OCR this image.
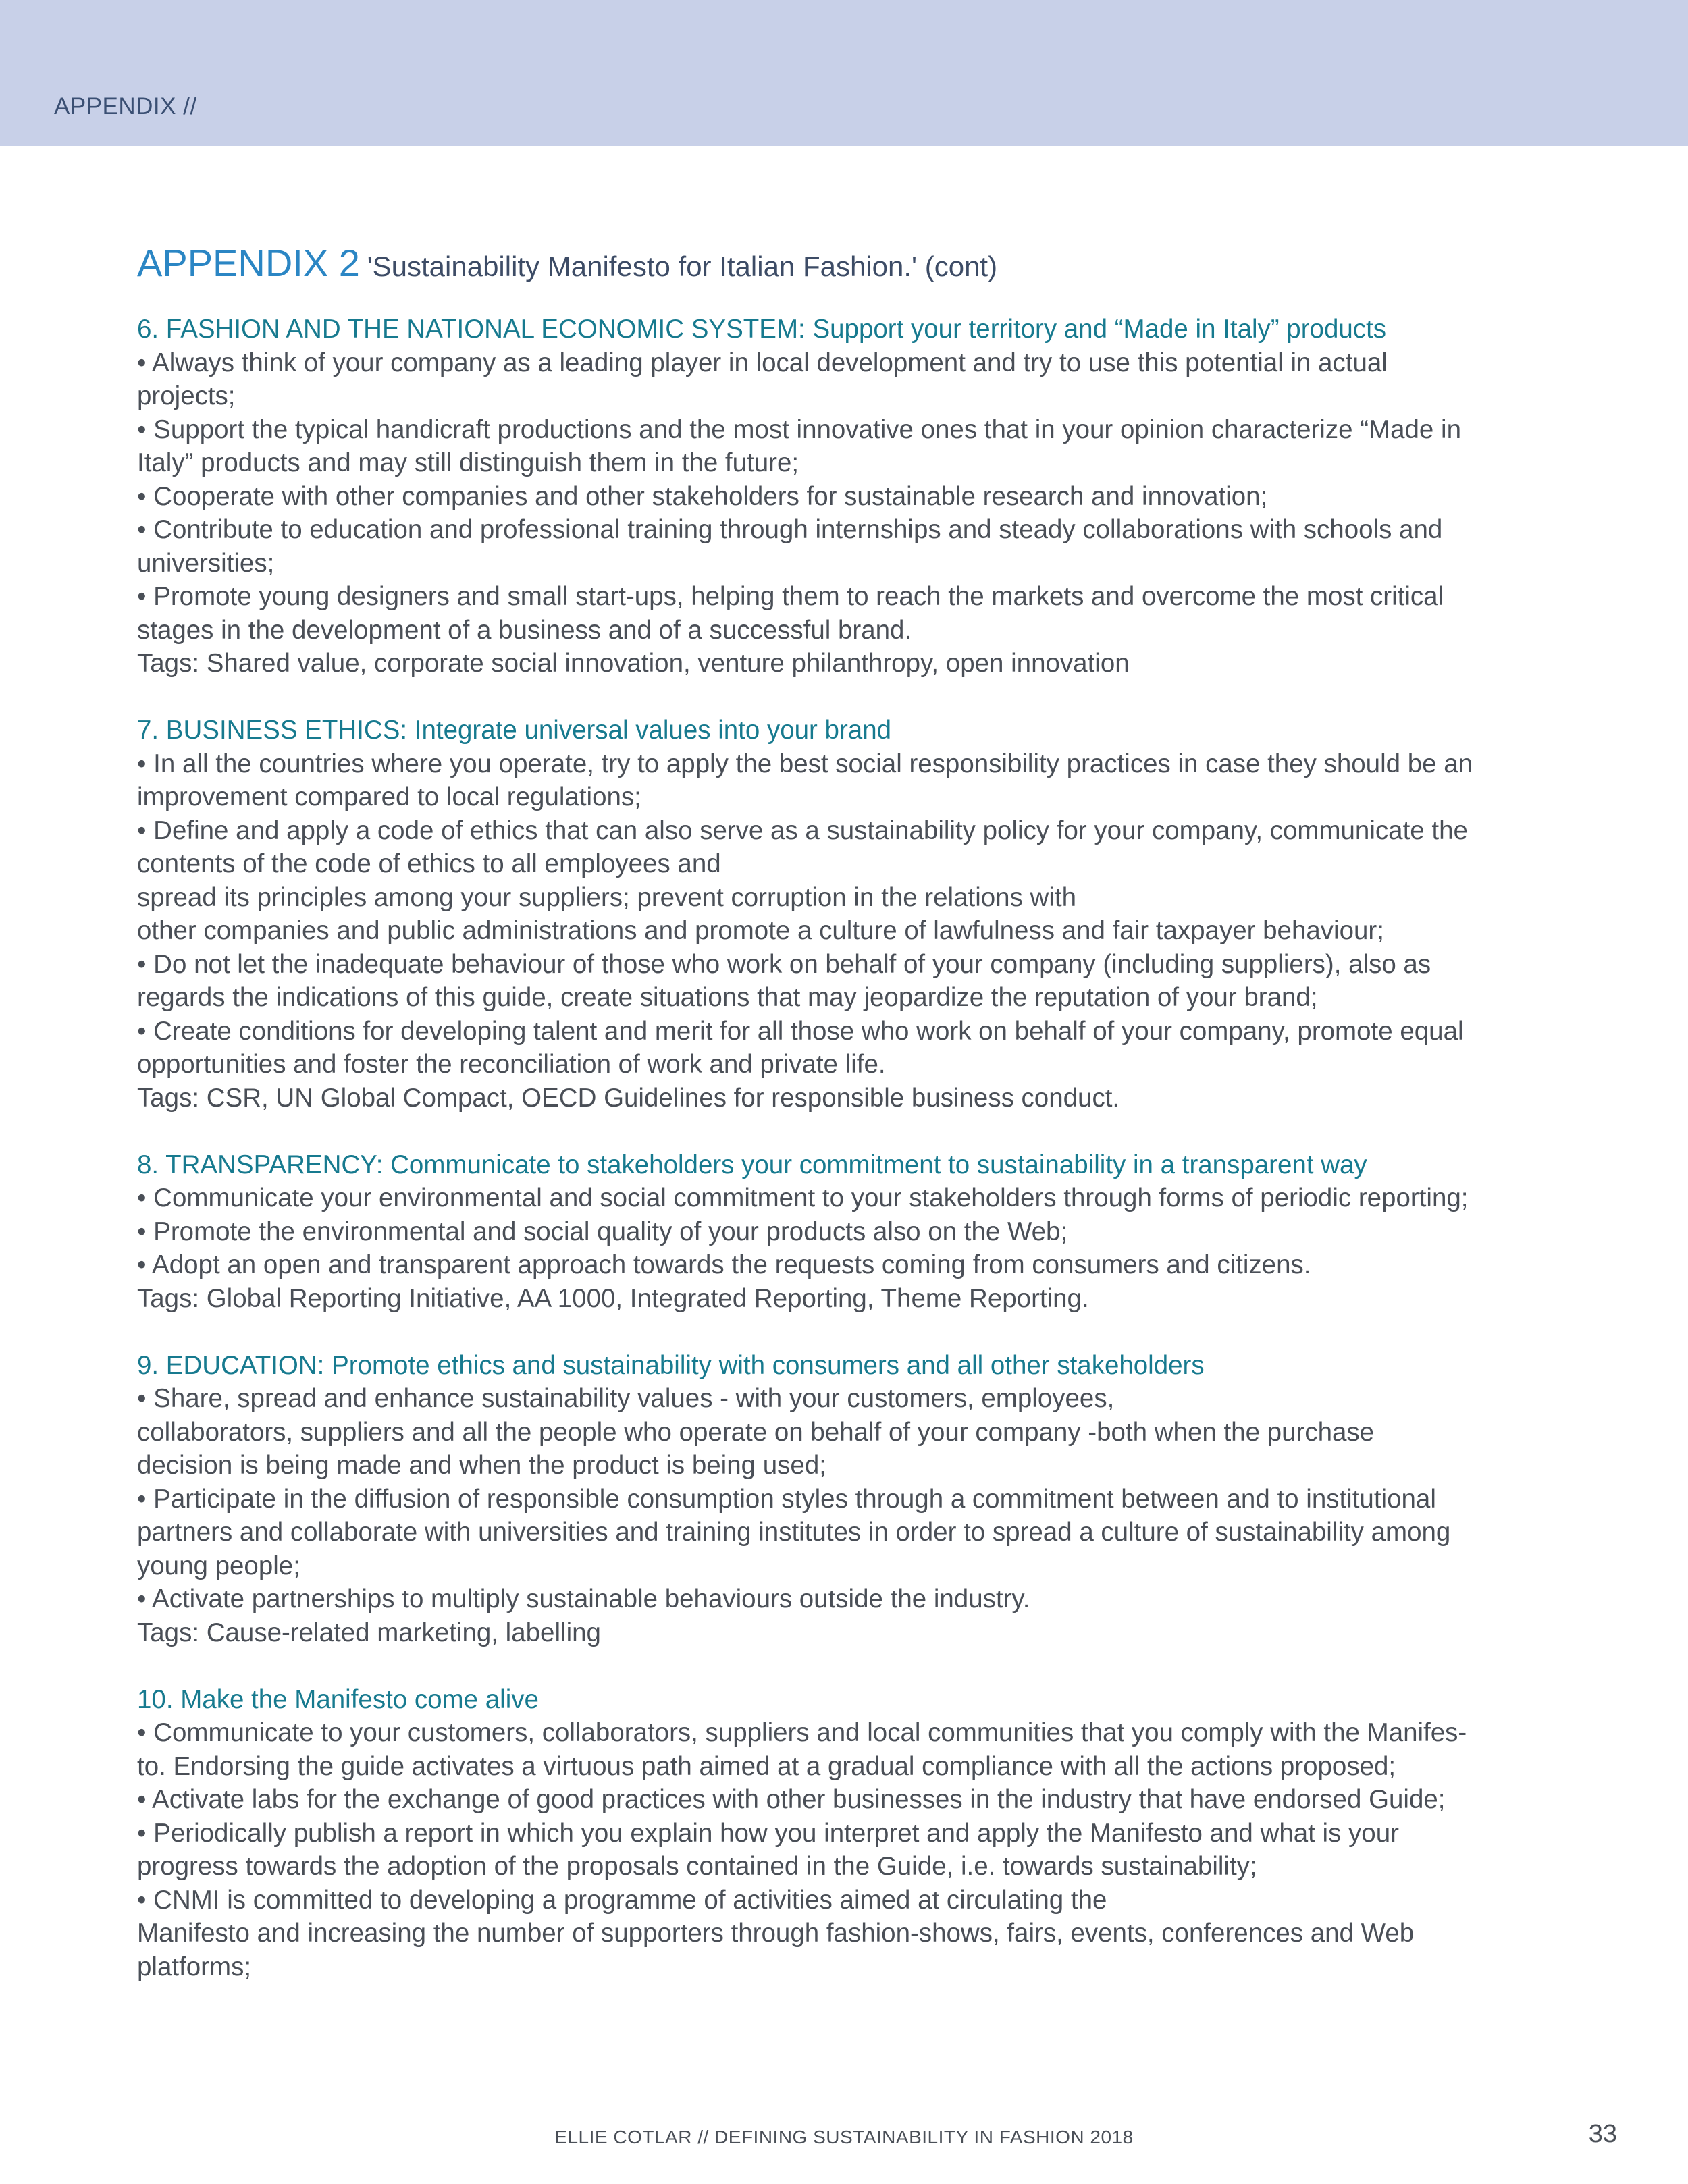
APPENDIX //
APPENDIX 2 'Sustainability Manifesto for Italian Fashion.' (cont)
6. FASHION AND THE NATIONAL ECONOMIC SYSTEM: Support your territory and “Made in Italy” products
• Always think of your company as a leading player in local development and try to use this potential in actual
projects;
• Support the typical handicraft productions and the most innovative ones that in your opinion characterize “Made in
Italy” products and may still distinguish them in the future;
• Cooperate with other companies and other stakeholders for sustainable research and innovation;
• Contribute to education and professional training through internships and steady collaborations with schools and
universities;
• Promote young designers and small start-ups, helping them to reach the markets and overcome the most critical
stages in the development of a business and of a successful brand.
Tags: Shared value, corporate social innovation, venture philanthropy, open innovation
7. BUSINESS ETHICS: Integrate universal values into your brand
• In all the countries where you operate, try to apply the best social responsibility practices in case they should be an
improvement compared to local regulations;
• Define and apply a code of ethics that can also serve as a sustainability policy for your company, communicate the
contents of the code of ethics to all employees and
spread its principles among your suppliers; prevent corruption in the relations with
other companies and public administrations and promote a culture of lawfulness and fair taxpayer behaviour;
• Do not let the inadequate behaviour of those who work on behalf of your company (including suppliers), also as
regards the indications of this guide, create situations that may jeopardize the reputation of your brand;
• Create conditions for developing talent and merit for all those who work on behalf of your company, promote equal
opportunities and foster the reconciliation of work and private life.
Tags: CSR, UN Global Compact, OECD Guidelines for responsible business conduct.
8. TRANSPARENCY: Communicate to stakeholders your commitment to sustainability in a transparent way
• Communicate your environmental and social commitment to your stakeholders through forms of periodic reporting;
• Promote the environmental and social quality of your products also on the Web;
• Adopt an open and transparent approach towards the requests coming from consumers and citizens.
Tags: Global Reporting Initiative, AA 1000, Integrated Reporting, Theme Reporting.
9. EDUCATION: Promote ethics and sustainability with consumers and all other stakeholders
• Share, spread and enhance sustainability values - with your customers, employees,
collaborators, suppliers and all the people who operate on behalf of your company -both when the purchase
decision is being made and when the product is being used;
• Participate in the diffusion of responsible consumption styles through a commitment between and to institutional
partners and collaborate with universities and training institutes in order to spread a culture of sustainability among
young people;
• Activate partnerships to multiply sustainable behaviours outside the industry.
Tags: Cause-related marketing, labelling
10. Make the Manifesto come alive
• Communicate to your customers, collaborators, suppliers and local communities that you comply with the Manifes-
to. Endorsing the guide activates a virtuous path aimed at a gradual compliance with all the actions proposed;
• Activate labs for the exchange of good practices with other businesses in the industry that have endorsed Guide;
• Periodically publish a report in which you explain how you interpret and apply the Manifesto and what is your
progress towards the adoption of the proposals contained in the Guide, i.e. towards sustainability;
• CNMI is committed to developing a programme of activities aimed at circulating the
Manifesto and increasing the number of supporters through fashion-shows, fairs, events, conferences and Web
platforms;
ELLIE COTLAR // DEFINING SUSTAINABILITY IN FASHION 2018	33
